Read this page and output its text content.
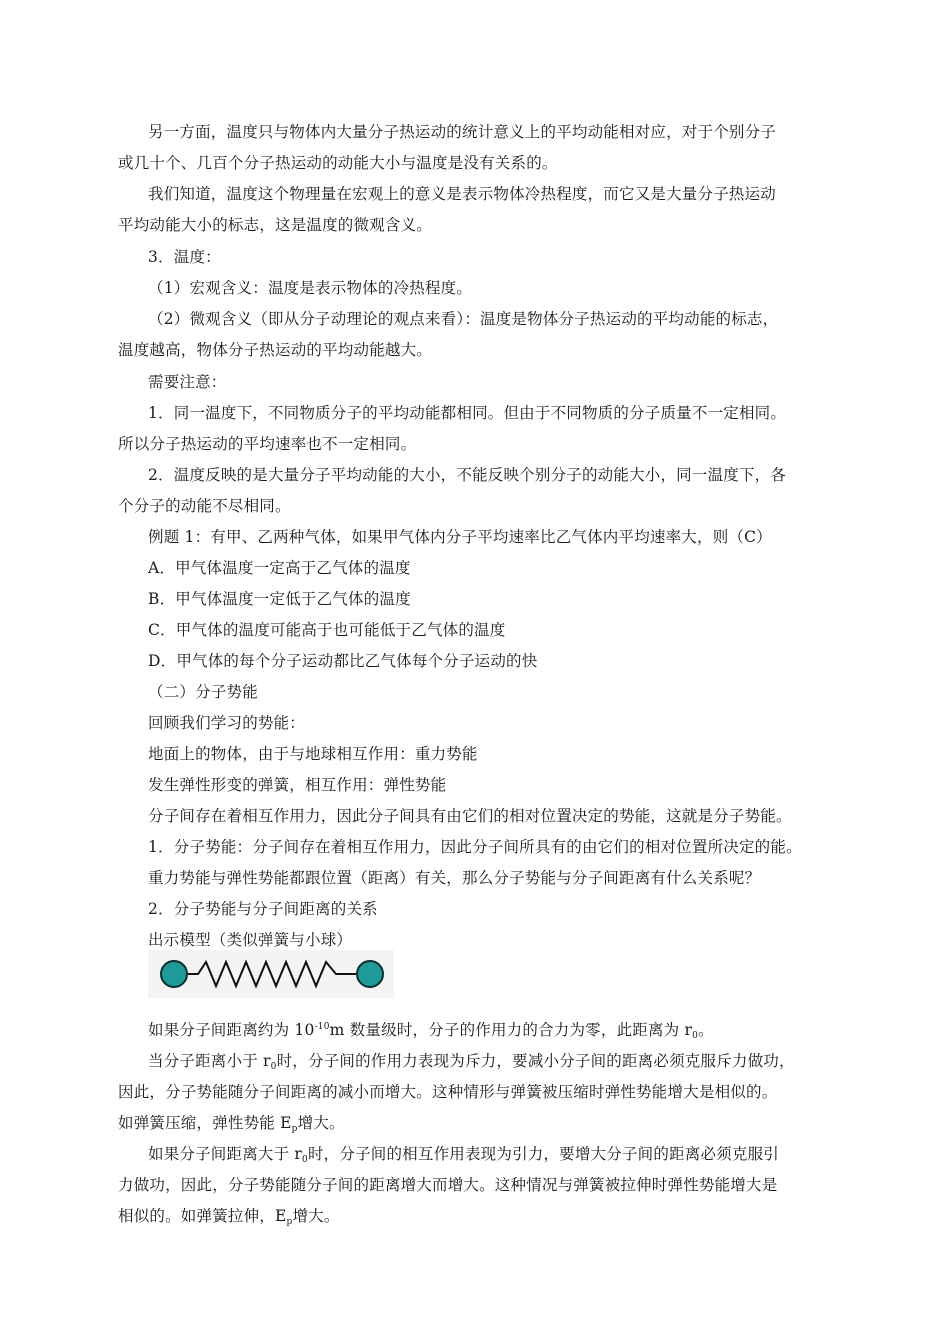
另一方面，温度只与物体内大量分子热运动的统计意义上的平均动能相对应，对于个别分子
或几十个、几百个分子热运动的动能大小与温度是没有关系的。
我们知道，温度这个物理量在宏观上的意义是表示物体冷热程度，而它又是大量分子热运动
平均动能大小的标志，这是温度的微观含义。
3．温度：
（1）宏观含义：温度是表示物体的冷热程度。
（2）微观含义（即从分子动理论的观点来看）：温度是物体分子热运动的平均动能的标志，
温度越高，物体分子热运动的平均动能越大。
需要注意：
1．同一温度下，不同物质分子的平均动能都相同。但由于不同物质的分子质量不一定相同。
所以分子热运动的平均速率也不一定相同。
2．温度反映的是大量分子平均动能的大小，不能反映个别分子的动能大小，同一温度下，各
个分子的动能不尽相同。
例题 1：有甲、乙两种气体，如果甲气体内分子平均速率比乙气体内平均速率大，则（C）
A．甲气体温度一定高于乙气体的温度
B．甲气体温度一定低于乙气体的温度
C．甲气体的温度可能高于也可能低于乙气体的温度
D．甲气体的每个分子运动都比乙气体每个分子运动的快
（二）分子势能
回顾我们学习的势能：
地面上的物体，由于与地球相互作用：重力势能
发生弹性形变的弹簧，相互作用：弹性势能
分子间存在着相互作用力，因此分子间具有由它们的相对位置决定的势能，这就是分子势能。
1．分子势能：分子间存在着相互作用力，因此分子间所具有的由它们的相对位置所决定的能。
重力势能与弹性势能都跟位置（距离）有关，那么分子势能与分子间距离有什么关系呢？
2．分子势能与分子间距离的关系
出示模型（类似弹簧与小球）
如果分子间距离约为 $10^{-10}m$ 数量级时，分子的作用力的合力为零，此距离为 $r_0$。
当分子距离小于 $r_0$时，分子间的作用力表现为斥力，要减小分子间的距离必须克服斥力做功，
因此，分子势能随分子间距离的减小而增大。这种情形与弹簧被压缩时弹性势能增大是相似的。
如弹簧压缩，弹性势能 $E_p$增大。
如果分子间距离大于 $r_0$时，分子间的相互作用表现为引力，要增大分子间的距离必须克服引
力做功，因此，分子势能随分子间的距离增大而增大。这种情况与弹簧被拉伸时弹性势能增大是
相似的。如弹簧拉伸，$E_p$增大。
